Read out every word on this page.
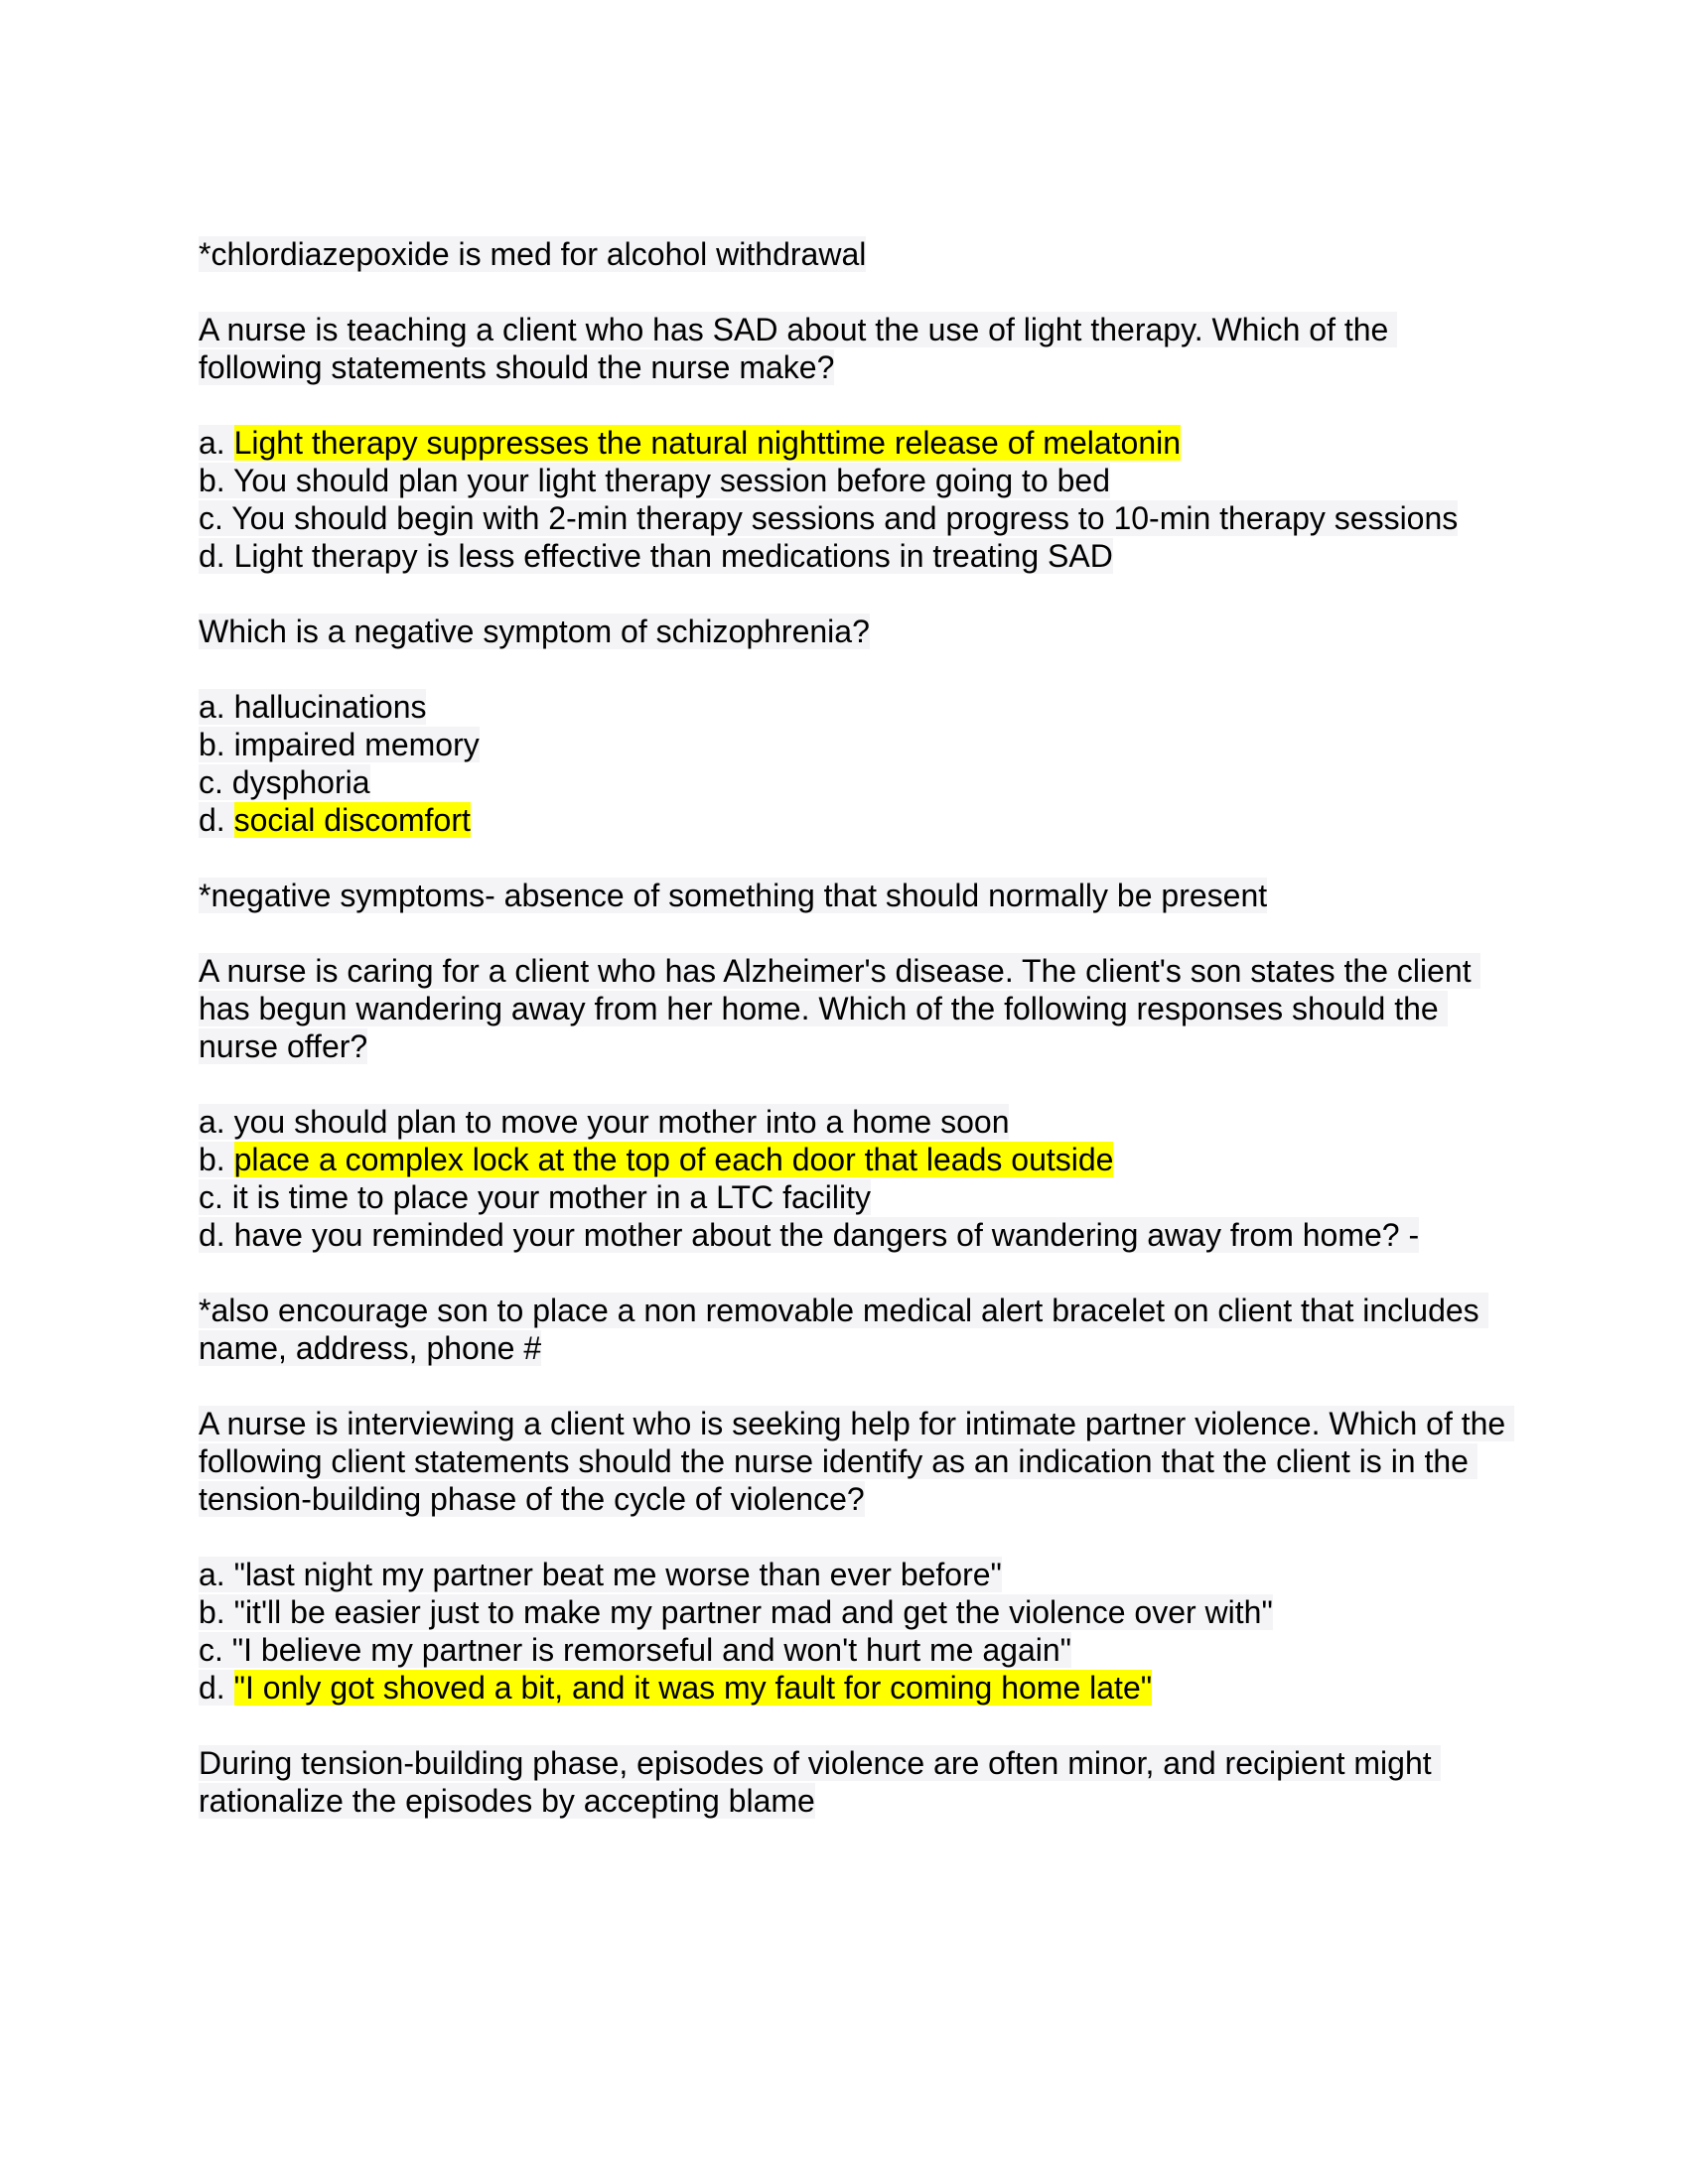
*chlordiazepoxide is med for alcohol withdrawal

A nurse is teaching a client who has SAD about the use of light therapy. Which of the following statements should the nurse make?

a. Light therapy suppresses the natural nighttime release of melatonin

b. You should plan your light therapy session before going to bed

c. You should begin with 2-min therapy sessions and progress to 10-min therapy sessions

d. Light therapy is less effective than medications in treating SAD

Which is a negative symptom of schizophrenia?

a. hallucinations

b. impaired memory

c. dysphoria

d. social discomfort

*negative symptoms- absence of something that should normally be present

A nurse is caring for a client who has Alzheimer's disease. The client's son states the client has begun wandering away from her home. Which of the following responses should the nurse offer?

a. you should plan to move your mother into a home soon

b. place a complex lock at the top of each door that leads outside

c. it is time to place your mother in a LTC facility

d. have you reminded your mother about the dangers of wandering away from home? -

*also encourage son to place a non removable medical alert bracelet on client that includes name, address, phone #

A nurse is interviewing a client who is seeking help for intimate partner violence. Which of the following client statements should the nurse identify as an indication that the client is in the tension-building phase of the cycle of violence?

a. "last night my partner beat me worse than ever before"

b. "it'll be easier just to make my partner mad and get the violence over with"

c. "I believe my partner is remorseful and won't hurt me again"

d. "I only got shoved a bit, and it was my fault for coming home late"

During tension-building phase, episodes of violence are often minor, and recipient might rationalize the episodes by accepting blame
